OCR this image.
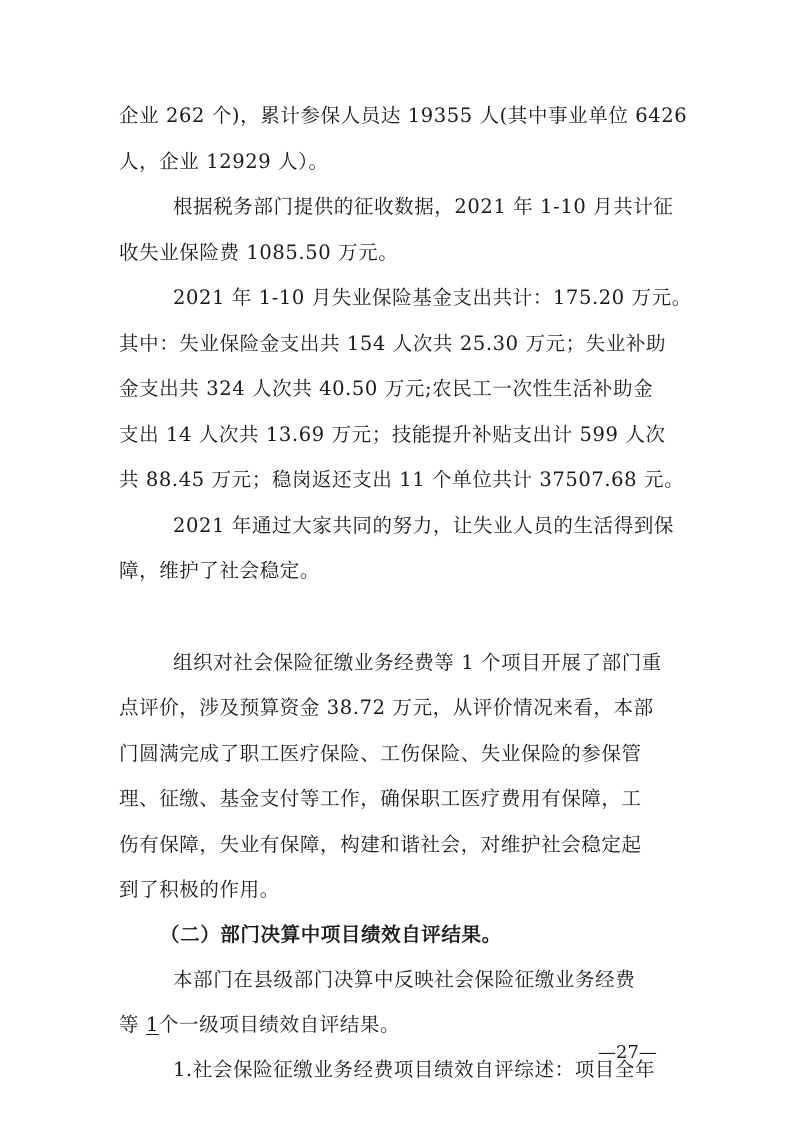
企业 262 个)，累计参保人员达 19355 人(其中事业单位 6426
人，企业 12929 人）。
根据税务部门提供的征收数据，2021 年 1-10 月共计征
收失业保险费 1085.50 万元。
2021 年 1-10 月失业保险基金支出共计：175.20 万元。
其中：失业保险金支出共 154 人次共 25.30 万元；失业补助
金支出共 324 人次共 40.50 万元;农民工一次性生活补助金
支出 14 人次共 13.69 万元；技能提升补贴支出计 599 人次
共 88.45 万元；稳岗返还支出 11 个单位共计 37507.68 元。
2021 年通过大家共同的努力，让失业人员的生活得到保
障，维护了社会稳定。
组织对社会保险征缴业务经费等 1 个项目开展了部门重
点评价，涉及预算资金 38.72 万元，从评价情况来看，本部
门圆满完成了职工医疗保险、工伤保险、失业保险的参保管
理、征缴、基金支付等工作，确保职工医疗费用有保障，工
伤有保障，失业有保障，构建和谐社会，对维护社会稳定起
到了积极的作用。
（二）部门决算中项目绩效自评结果。
本部门在县级部门决算中反映社会保险征缴业务经费
等 1个一级项目绩效自评结果。
1.社会保险征缴业务经费项目绩效自评综述：项目全年
—27—
